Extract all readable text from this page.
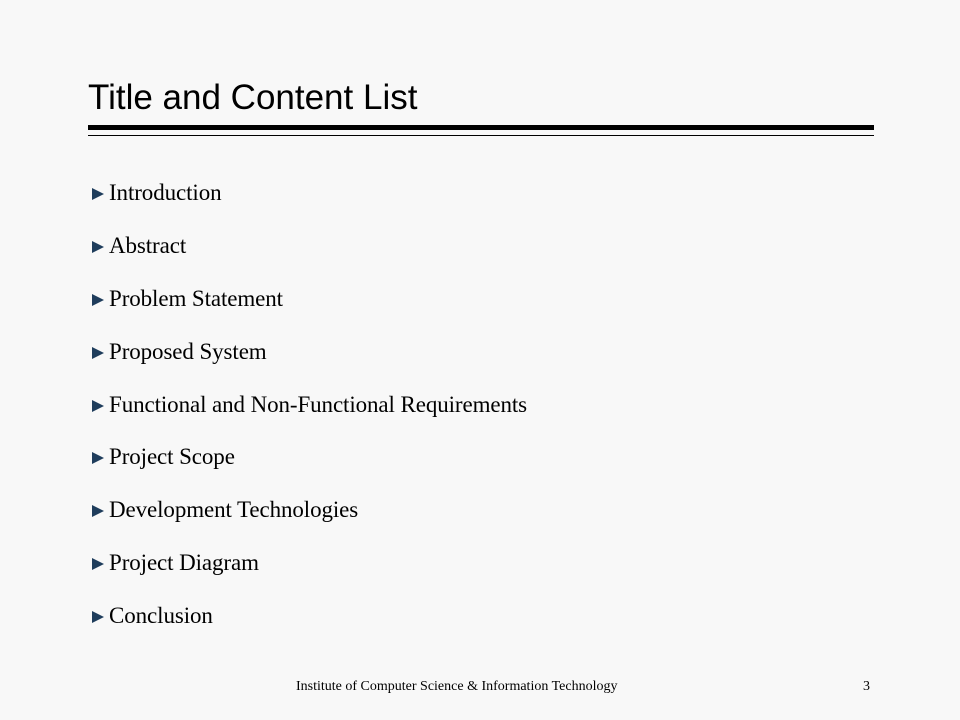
Title and Content List
Introduction
Abstract
Problem Statement
Proposed System
Functional and Non-Functional Requirements
Project Scope
Development Technologies
Project Diagram
Conclusion
Institute of Computer Science & Information Technology	3
